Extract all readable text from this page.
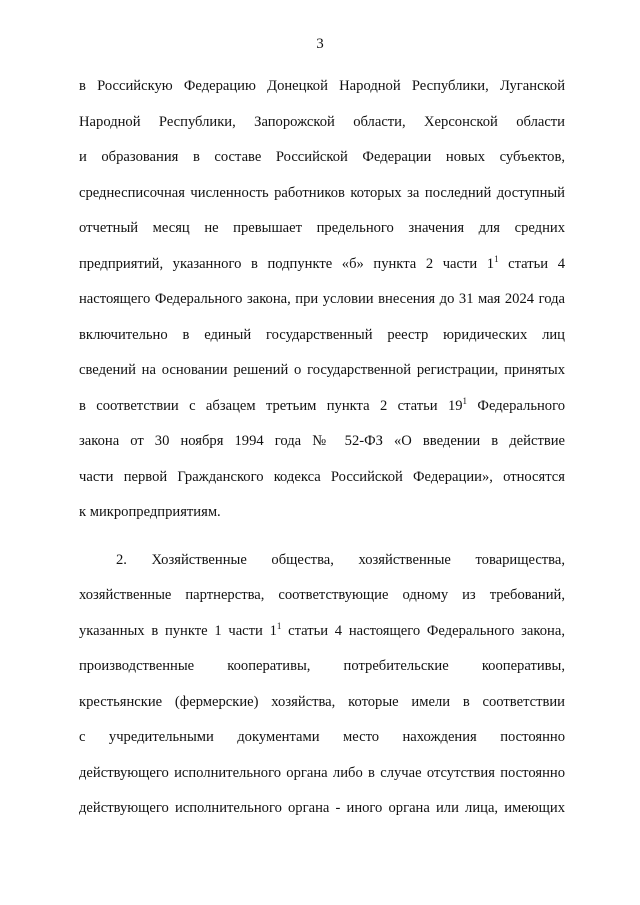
3
в Российскую Федерацию Донецкой Народной Республики, Луганской
Народной Республики, Запорожской области, Херсонской области
и образования в составе Российской Федерации новых субъектов,
среднесписочная численность работников которых за последний доступный
отчетный месяц не превышает предельного значения для средних
предприятий, указанного в подпункте «б» пункта 2 части $1^1$ статьи 4
настоящего Федерального закона, при условии внесения до 31 мая 2024 года
включительно в единый государственный реестр юридических лиц
сведений на основании решений о государственной регистрации, принятых
в соответствии с абзацем третьим пункта 2 статьи $19^1$ Федерального
закона от 30 ноября 1994 года № 52-ФЗ «О введении в действие
части первой Гражданского кодекса Российской Федерации», относятся
к микропредприятиям.
2. Хозяйственные общества, хозяйственные товарищества,
хозяйственные партнерства, соответствующие одному из требований,
указанных в пункте 1 части $1^1$ статьи 4 настоящего Федерального закона,
производственные кооперативы, потребительские кооперативы,
крестьянские (фермерские) хозяйства, которые имели в соответствии
с учредительными документами место нахождения постоянно
действующего исполнительного органа либо в случае отсутствия постоянно
действующего исполнительного органа - иного органа или лица, имеющих
